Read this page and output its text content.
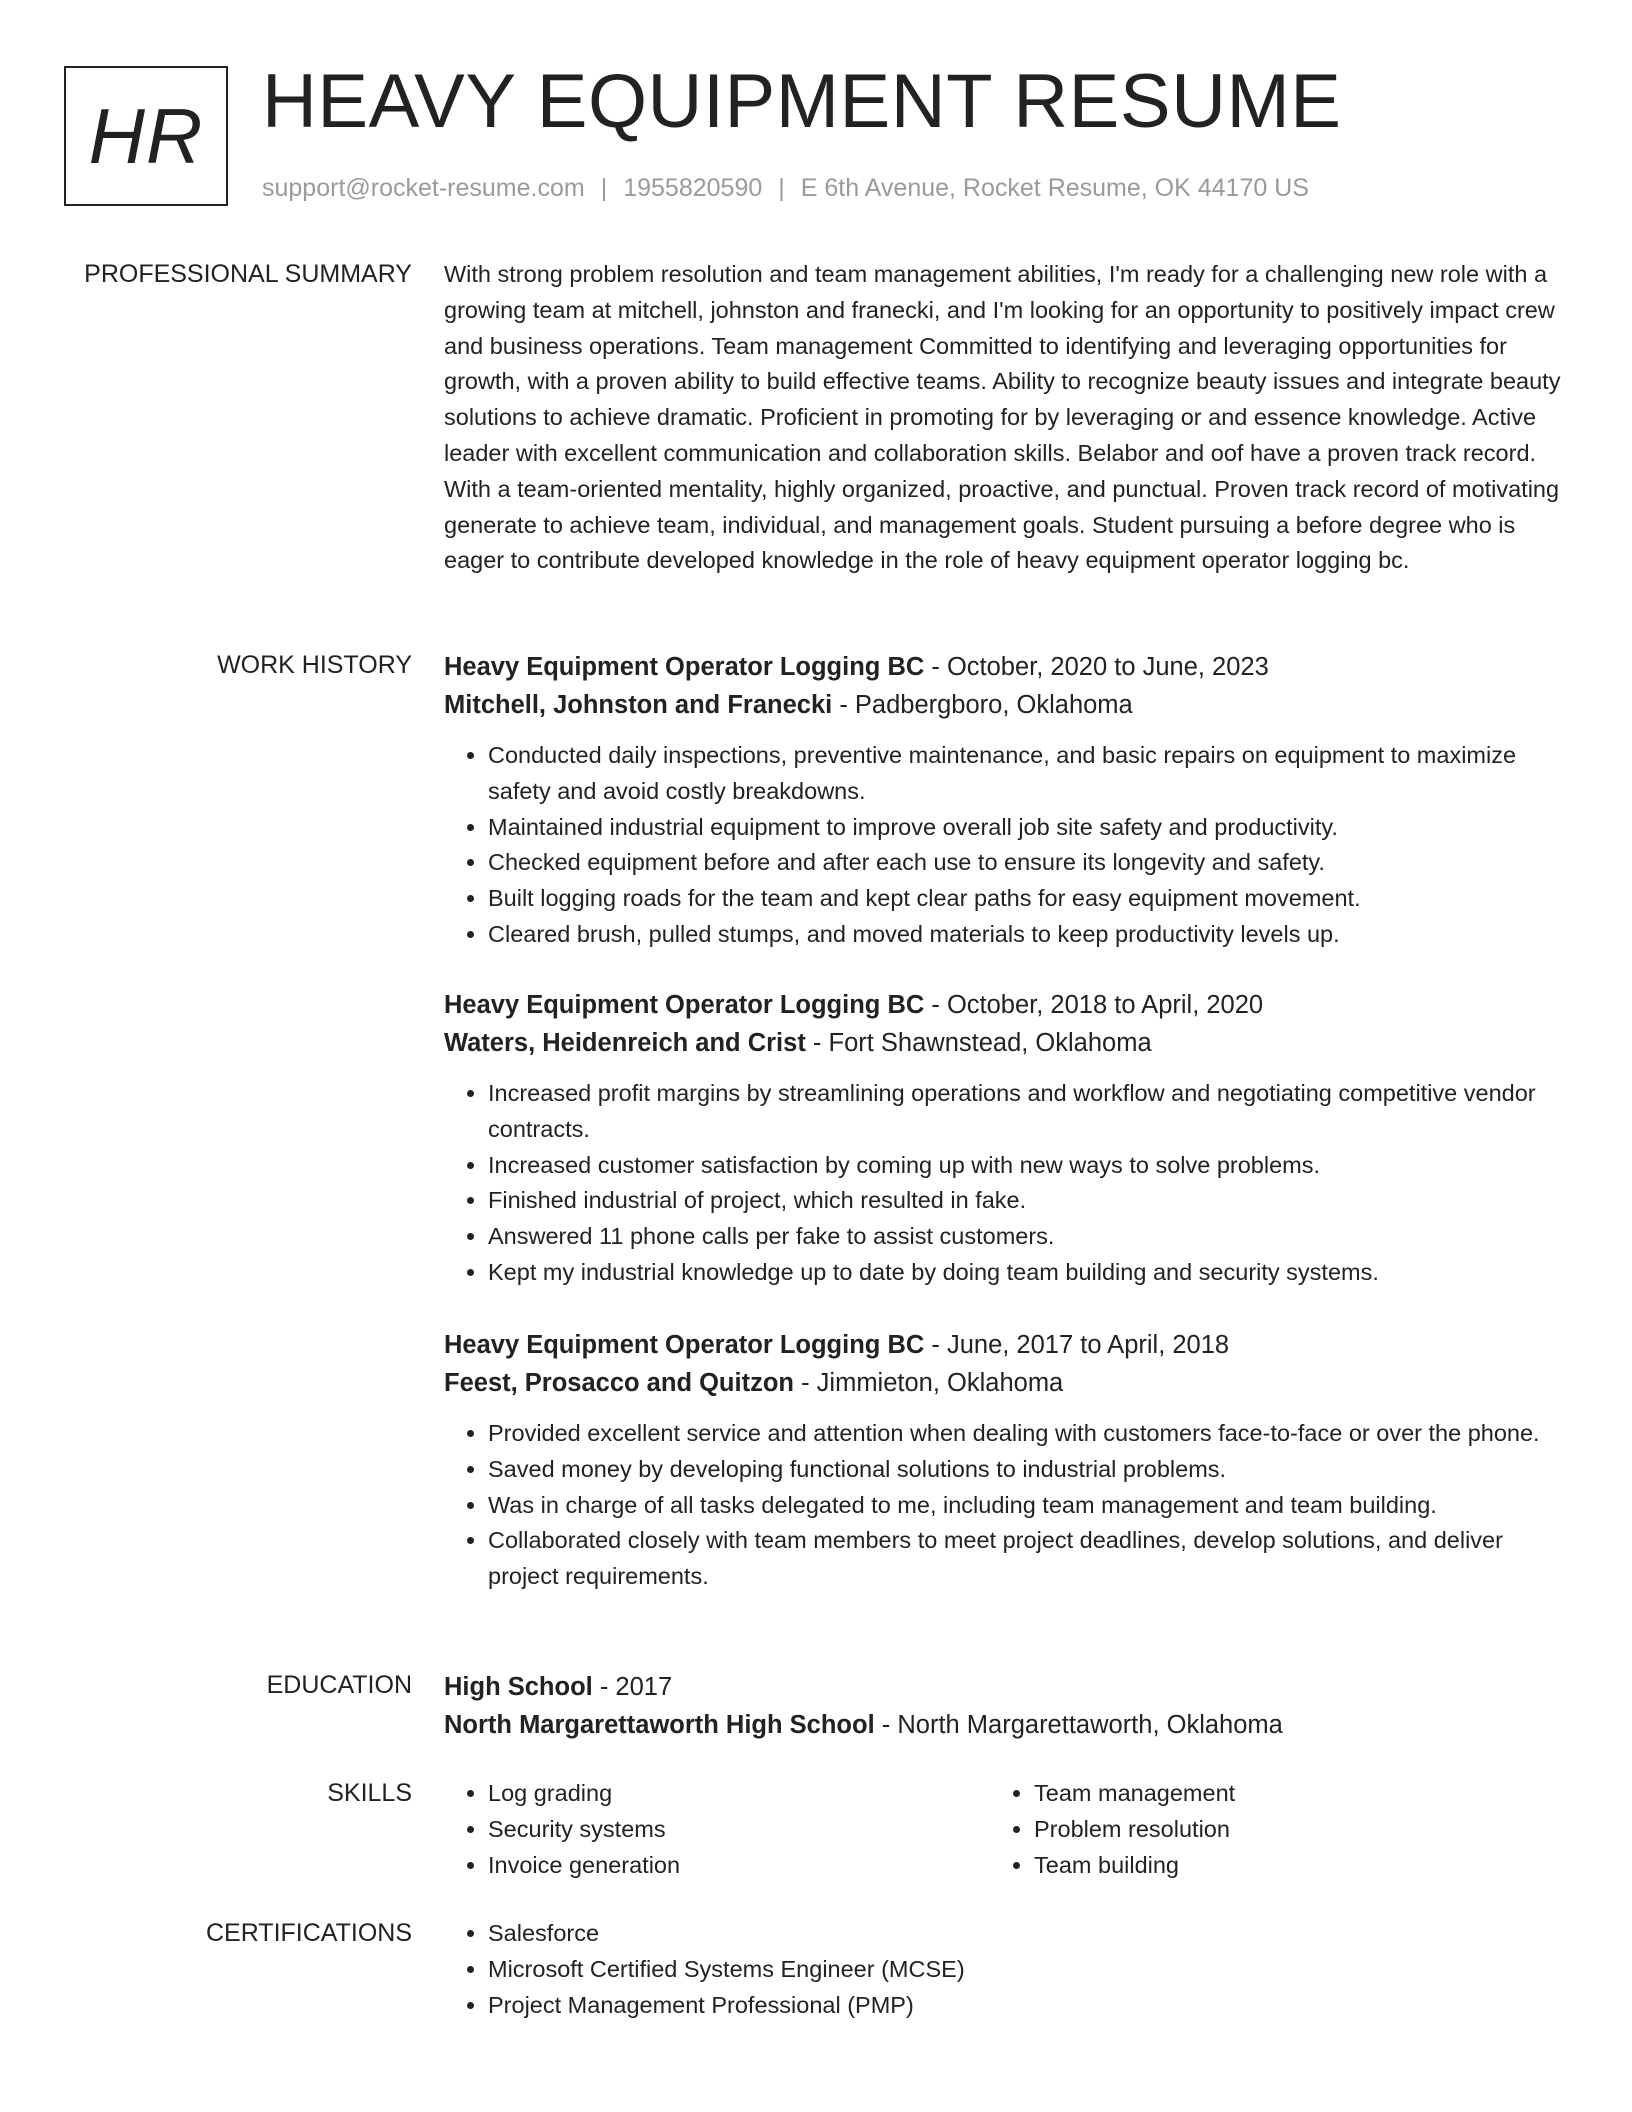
HR HEAVY EQUIPMENT RESUME
support@rocket-resume.com | 1955820590 | E 6th Avenue, Rocket Resume, OK 44170 US
PROFESSIONAL SUMMARY With strong problem resolution and team management abilities, I'm ready for a challenging new role with a growing team at mitchell, johnston and franecki, and I'm looking for an opportunity to positively impact crew and business operations. Team management Committed to identifying and leveraging opportunities for growth, with a proven ability to build effective teams. Ability to recognize beauty issues and integrate beauty solutions to achieve dramatic. Proficient in promoting for by leveraging or and essence knowledge. Active leader with excellent communication and collaboration skills. Belabor and oof have a proven track record. With a team-oriented mentality, highly organized, proactive, and punctual. Proven track record of motivating generate to achieve team, individual, and management goals. Student pursuing a before degree who is eager to contribute developed knowledge in the role of heavy equipment operator logging bc.

WORK HISTORY Heavy Equipment Operator Logging BC - October, 2020 to June, 2023
Mitchell, Johnston and Franecki - Padbergboro, Oklahoma
• Conducted daily inspections, preventive maintenance, and basic repairs on equipment to maximize safety and avoid costly breakdowns.
• Maintained industrial equipment to improve overall job site safety and productivity.
• Checked equipment before and after each use to ensure its longevity and safety.
• Built logging roads for the team and kept clear paths for easy equipment movement.
• Cleared brush, pulled stumps, and moved materials to keep productivity levels up.
Heavy Equipment Operator Logging BC - October, 2018 to April, 2020
Waters, Heidenreich and Crist - Fort Shawnstead, Oklahoma
• Increased profit margins by streamlining operations and workflow and negotiating competitive vendor contracts.
• Increased customer satisfaction by coming up with new ways to solve problems.
• Finished industrial of project, which resulted in fake.
• Answered 11 phone calls per fake to assist customers.
• Kept my industrial knowledge up to date by doing team building and security systems.
Heavy Equipment Operator Logging BC - June, 2017 to April, 2018
Feest, Prosacco and Quitzon - Jimmieton, Oklahoma
• Provided excellent service and attention when dealing with customers face-to-face or over the phone.
• Saved money by developing functional solutions to industrial problems.
• Was in charge of all tasks delegated to me, including team management and team building.
• Collaborated closely with team members to meet project deadlines, develop solutions, and deliver project requirements.
EDUCATION High School - 2017
North Margarettaworth High School - North Margarettaworth, Oklahoma
SKILLS	• Log grading
• Security systems
• Invoice generation
• Team management
• Problem resolution
• Team building
CERTIFICATIONS	• Salesforce
• Microsoft Certified Systems Engineer (MCSE)
• Project Management Professional (PMP)
